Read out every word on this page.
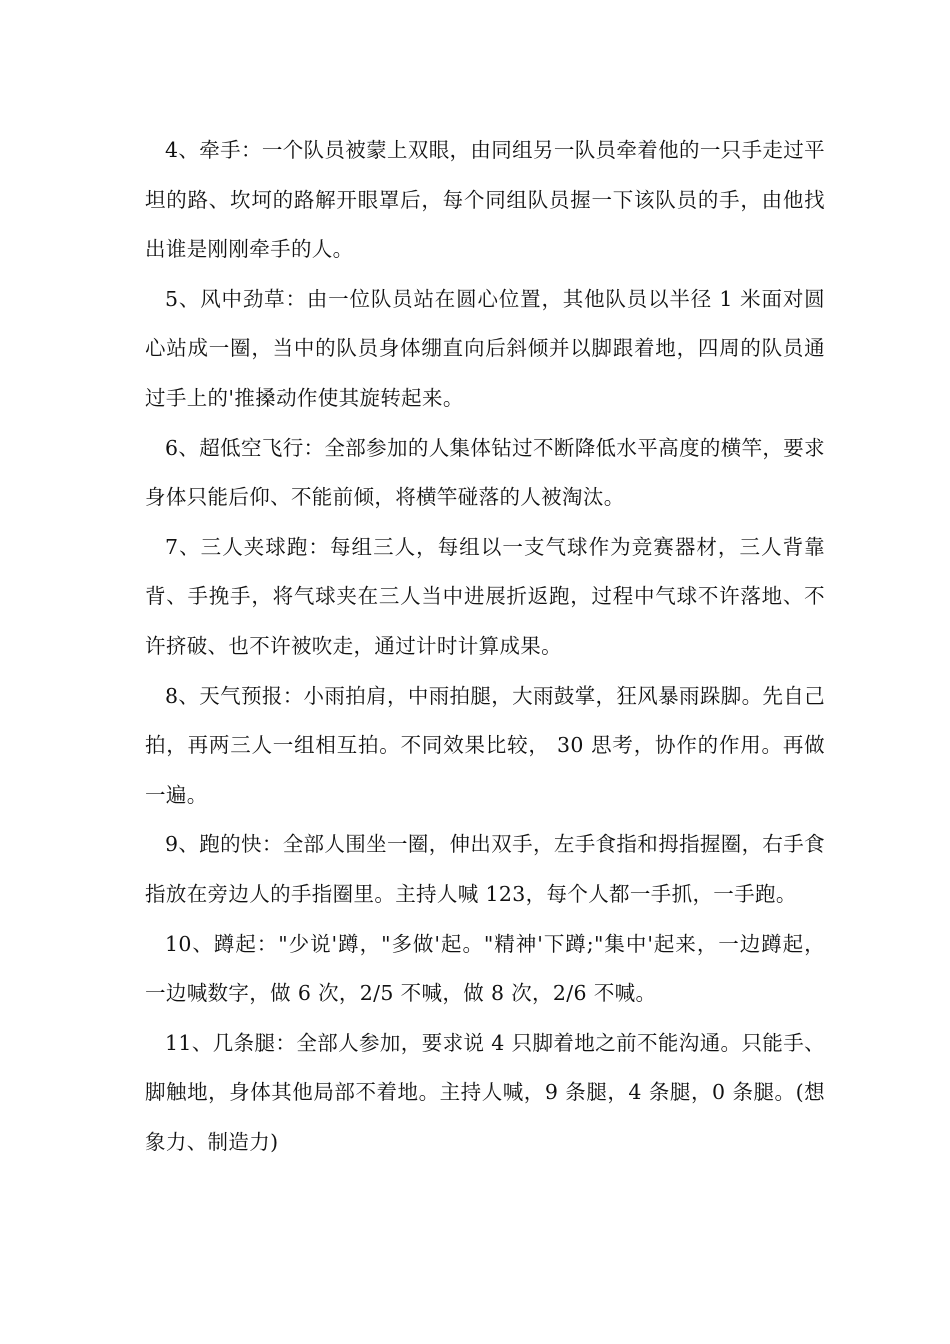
4、牵手：一个队员被蒙上双眼，由同组另一队员牵着他的一只手走过平坦的路、坎坷的路解开眼罩后，每个同组队员握一下该队员的手，由他找出谁是刚刚牵手的人。

5、风中劲草：由一位队员站在圆心位置，其他队员以半径 1 米面对圆心站成一圈，当中的队员身体绷直向后斜倾并以脚跟着地，四周的队员通过手上的'推搡动作使其旋转起来。

6、超低空飞行：全部参加的人集体钻过不断降低水平高度的横竿，要求身体只能后仰、不能前倾，将横竿碰落的人被淘汰。

7、三人夹球跑：每组三人，每组以一支气球作为竞赛器材，三人背靠背、手挽手，将气球夹在三人当中进展折返跑，过程中气球不许落地、不许挤破、也不许被吹走，通过计时计算成果。

8、天气预报：小雨拍肩，中雨拍腿，大雨鼓掌，狂风暴雨跺脚。先自己拍，再两三人一组相互拍。不同效果比较， 30 思考，协作的作用。再做一遍。

9、跑的快：全部人围坐一圈，伸出双手，左手食指和拇指握圈，右手食指放在旁边人的手指圈里。主持人喊 123，每个人都一手抓，一手跑。

10、蹲起："少说'蹲，"多做'起。"精神'下蹲;"集中'起来，一边蹲起，一边喊数字，做 6 次，2/5 不喊，做 8 次，2/6 不喊。

11、几条腿：全部人参加，要求说 4 只脚着地之前不能沟通。只能手、脚触地，身体其他局部不着地。主持人喊，9 条腿，4 条腿，0 条腿。(想象力、制造力)
